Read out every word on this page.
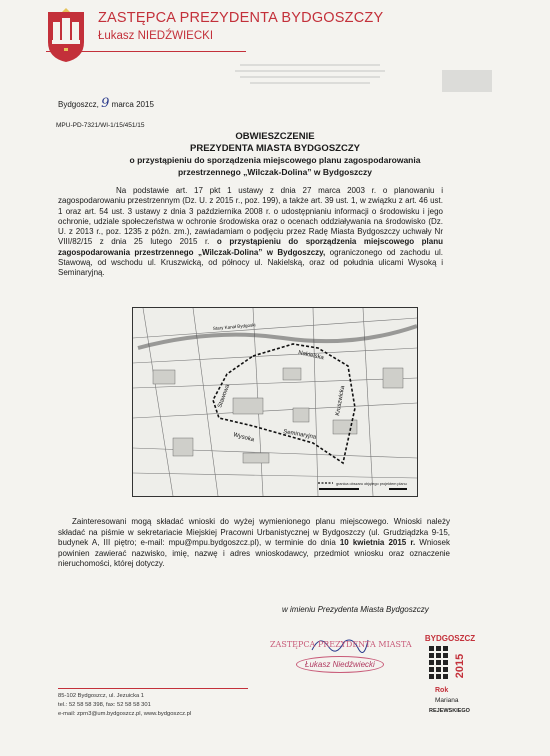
ZASTĘPCA PREZYDENTA BYDGOSZCZY
Łukasz NIEDŹWIECKI
Bydgoszcz, 9 marca 2015
MPU-PD-7321/WI-1/15/451/15
OBWIESZCZENIE
PREZYDENTA MIASTA BYDGOSZCZY
o przystąpieniu do sporządzenia miejscowego planu zagospodarowania
przestrzennego „Wilczak-Dolina” w Bydgoszczy
Na podstawie art. 17 pkt 1 ustawy z dnia 27 marca 2003 r. o planowaniu i zagospodarowaniu przestrzennym (Dz. U. z 2015 r., poz. 199), a także art. 39 ust. 1, w związku z art. 46 ust. 1 oraz art. 54 ust. 3 ustawy z dnia 3 października 2008 r. o udostępnianiu informacji o środowisku i jego ochronie, udziale społeczeństwa w ochronie środowiska oraz o ocenach oddziaływania na środowisko (Dz. U. z 2013 r., poz. 1235 z późn. zm.), zawiadamiam o podjęciu przez Radę Miasta Bydgoszczy uchwały Nr VIII/82/15 z dnia 25 lutego 2015 r. o przystąpieniu do sporządzenia miejscowego planu zagospodarowania przestrzennego „Wilczak-Dolina” w Bydgoszczy, ograniczonego od zachodu ul. Stawową, od wschodu ul. Kruszwicką, od północy ul. Nakielską, oraz od południa ulicami Wysoką i Seminaryjną.
Nakielska
Stawowa
Wysoka	Seminaryjna
Kruszwicka
Stary Kanał Bydgoski
granica obszaru objętego projektem planu
Zainteresowani mogą składać wnioski do wyżej wymienionego planu miejscowego. Wnioski należy składać na piśmie w sekretariacie Miejskiej Pracowni Urbanistycznej w Bydgoszczy (ul. Grudziądzka 9-15, budynek A, III piętro; e-mail: mpu@mpu.bydgoszcz.pl), w terminie do dnia 10 kwietnia 2015 r. Wniosek powinien zawierać nazwisko, imię, nazwę i adres wnioskodawcy, przedmiot wniosku oraz oznaczenie nieruchomości, której dotyczy.
w imieniu Prezydenta Miasta Bydgoszczy
ZASTĘPCA PREZYDENTA MIASTA
Łukasz Niedźwiecki
BYDGOSZCZ
2015
Rok
Mariana
REJEWSKIEGO
85-102 Bydgoszcz, ul. Jezuicka 1
tel.: 52 58 58 398, fax: 52 58 58 301
e-mail: zprn3@um.bydgoszcz.pl, www.bydgoszcz.pl
